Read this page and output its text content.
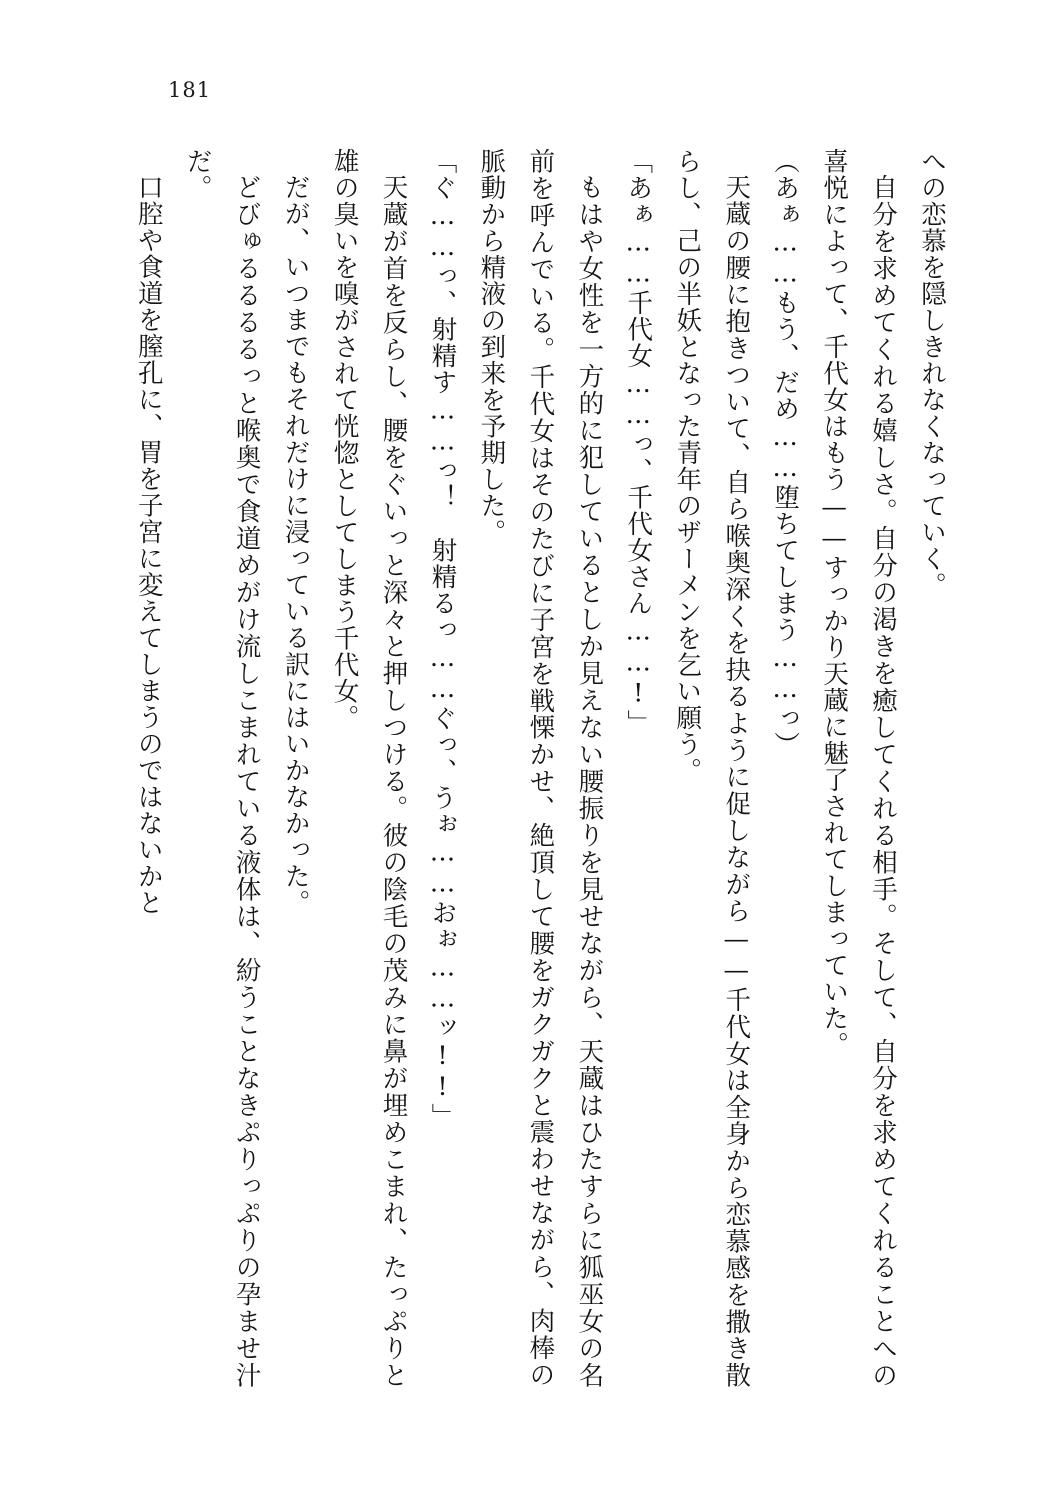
181

への恋慕を隠しきれなくなっていく。

自分を求めてくれる嬉しさ。自分の渇きを癒してくれる相手。そして、自分を求めてくれることへの喜悦によって、千代女はもう——すっかり天蔵に魅了されてしまっていた。

（あぁ……もう、だめ……堕ちてしまう……っ）

天蔵の腰に抱きついて、自ら喉奥深くを抉るように促しながら——千代女は全身から恋慕感を撒き散らし、己の半妖となった青年のザーメンを乞い願う。

「あぁ……千代女……っ、千代女さん……!」

もはや女性を一方的に犯しているとしか見えない腰振りを見せながら、天蔵はひたすらに狐巫女の名前を呼んでいる。千代女はそのたびに子宮を戦慄かせ、絶頂して腰をガクガクと震わせながら、肉棒の脈動から精液の到来を予期した。

「ぐ……っ、射精す……っ！　射精るっ……ぐっ、うぉ……おぉ……ッ!!」

天蔵が首を反らし、腰をぐいっと深々と押しつける。彼の陰毛の茂みに鼻が埋めこまれ、たっぷりと雄の臭いを嗅がされて恍惚としてしまう千代女。

だが、いつまでもそれだけに浸っている訳にはいかなかった。

どびゅるるるるっと喉奥で食道めがけ流しこまれている液体は、紛うことなきぷりっぷりの孕ませ汁だ。

口腔や食道を膣孔に、胃を子宮に変えてしまうのではないかと
